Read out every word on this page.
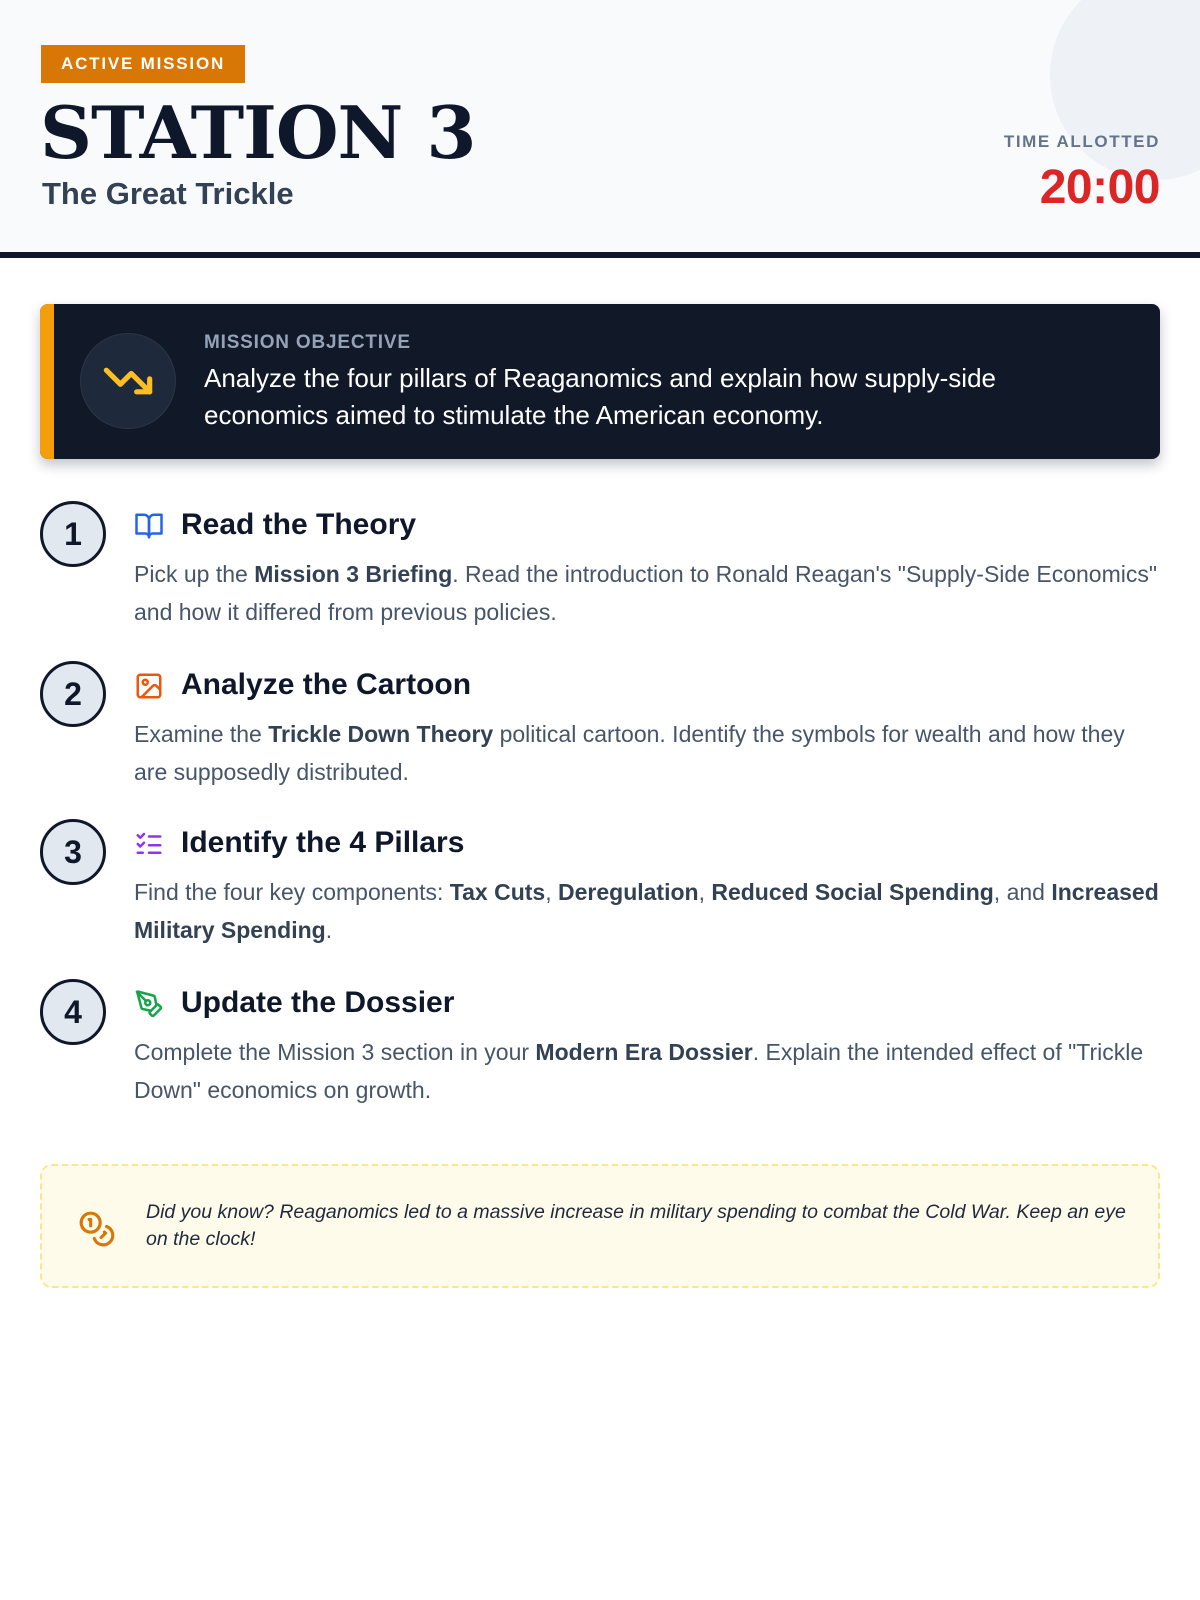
ACTIVE MISSION
STATION 3
The Great Trickle
TIME ALLOTTED
20:00
MISSION OBJECTIVE
Analyze the four pillars of Reaganomics and explain how supply-side economics aimed to stimulate the American economy.
1	Read the Theory
Pick up the Mission 3 Briefing. Read the introduction to Ronald Reagan's "Supply-Side Economics" and how it differed from previous policies.
2	Analyze the Cartoon
Examine the Trickle Down Theory political cartoon. Identify the symbols for wealth and how they are supposedly distributed.
3	Identify the 4 Pillars
Find the four key components: Tax Cuts, Deregulation, Reduced Social Spending, and Increased Military Spending.
4	Update the Dossier
Complete the Mission 3 section in your Modern Era Dossier. Explain the intended effect of "Trickle Down" economics on growth.
Did you know? Reaganomics led to a massive increase in military spending to combat the Cold War. Keep an eye on the clock!
